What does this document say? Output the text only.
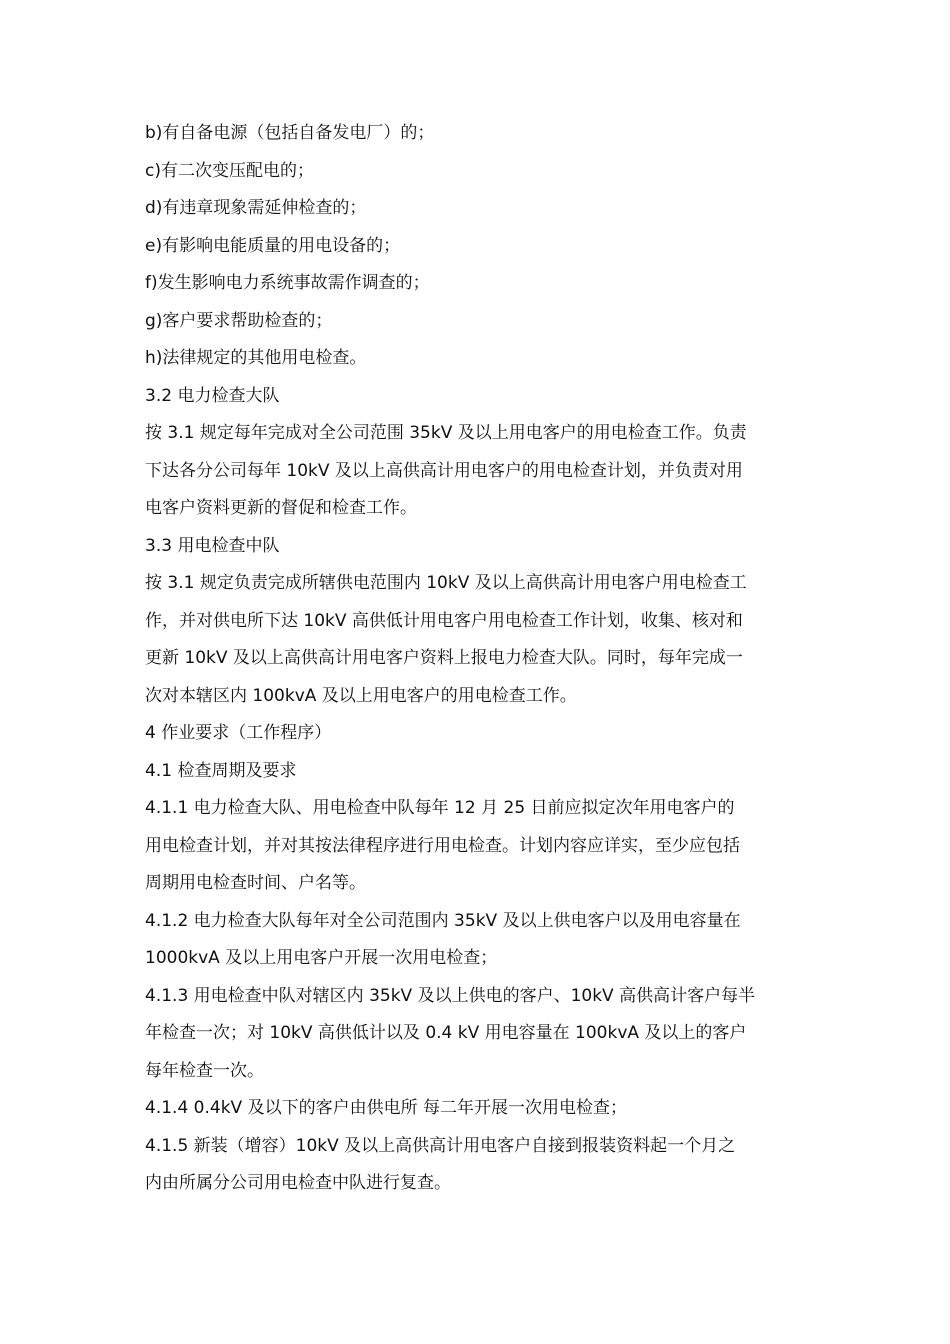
b)有自备电源（包括自备发电厂）的；
c)有二次变压配电的；
d)有违章现象需延伸检查的；
e)有影响电能质量的用电设备的；
f)发生影响电力系统事故需作调查的；
g)客户要求帮助检查的；
h)法律规定的其他用电检查。
3.2 电力检查大队
按 3.1 规定每年完成对全公司范围 35kV 及以上用电客户的用电检查工作。负责
下达各分公司每年 10kV 及以上高供高计用电客户的用电检查计划，并负责对用
电客户资料更新的督促和检查工作。
3.3 用电检查中队
按 3.1 规定负责完成所辖供电范围内 10kV 及以上高供高计用电客户用电检查工
作，并对供电所下达 10kV 高供低计用电客户用电检查工作计划，收集、核对和
更新 10kV 及以上高供高计用电客户资料上报电力检查大队。同时，每年完成一
次对本辖区内 100kvA 及以上用电客户的用电检查工作。
4 作业要求（工作程序）
4.1 检查周期及要求
4.1.1 电力检查大队、用电检查中队每年 12 月 25 日前应拟定次年用电客户的
用电检查计划，并对其按法律程序进行用电检查。计划内容应详实，至少应包括
周期用电检查时间、户名等。
4.1.2 电力检查大队每年对全公司范围内 35kV 及以上供电客户以及用电容量在
1000kvA 及以上用电客户开展一次用电检查；
4.1.3 用电检查中队对辖区内 35kV 及以上供电的客户、10kV 高供高计客户每半
年检查一次；对 10kV 高供低计以及 0.4 kV 用电容量在 100kvA 及以上的客户
每年检查一次。
4.1.4 0.4kV 及以下的客户由供电所 每二年开展一次用电检查；
4.1.5 新装（增容）10kV 及以上高供高计用电客户自接到报装资料起一个月之
内由所属分公司用电检查中队进行复查。
